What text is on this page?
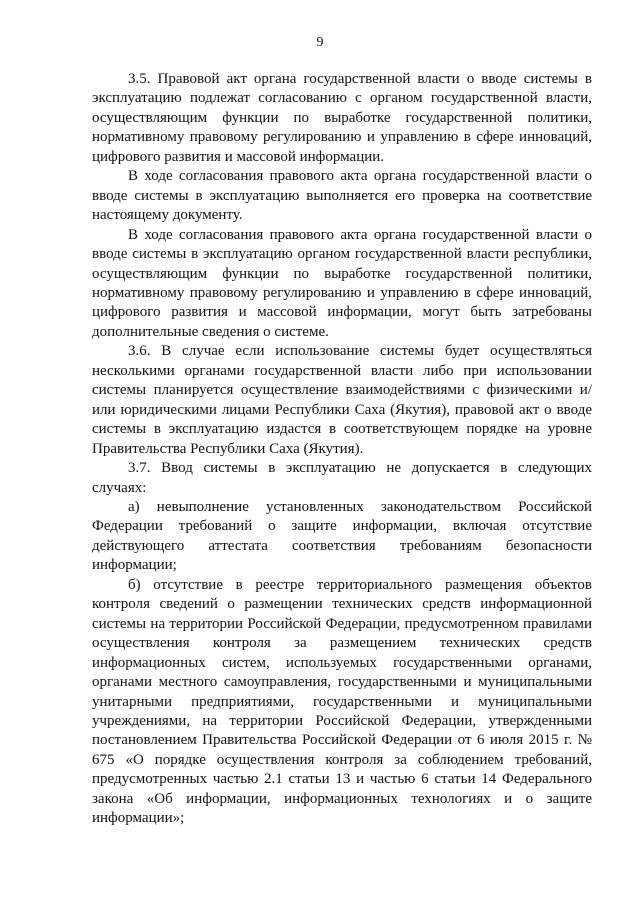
9

3.5. Правовой акт органа государственной власти о вводе системы в эксплуатацию подлежат согласованию с органом государственной власти, осуществляющим функции по выработке государственной политики, нормативному правовому регулированию и управлению в сфере инноваций, цифрового развития и массовой информации.

В ходе согласования правового акта органа государственной власти о вводе системы в эксплуатацию выполняется его проверка на соответствие настоящему документу.

В ходе согласования правового акта органа государственной власти о вводе системы в эксплуатацию органом государственной власти республики, осуществляющим функции по выработке государственной политики, нормативному правовому регулированию и управлению в сфере инноваций, цифрового развития и массовой информации, могут быть затребованы дополнительные сведения о системе.

3.6. В случае если использование системы будет осуществляться несколькими органами государственной власти либо при использовании системы планируется осуществление взаимодействиями с физическими и/или юридическими лицами Республики Саха (Якутия), правовой акт о вводе системы в эксплуатацию издастся в соответствующем порядке на уровне Правительства Республики Саха (Якутия).

3.7. Ввод системы в эксплуатацию не допускается в следующих случаях:

а) невыполнение установленных законодательством Российской Федерации требований о защите информации, включая отсутствие действующего аттестата соответствия требованиям безопасности информации;

б) отсутствие в реестре территориального размещения объектов контроля сведений о размещении технических средств информационной системы на территории Российской Федерации, предусмотренном правилами осуществления контроля за размещением технических средств информационных систем, используемых государственными органами, органами местного самоуправления, государственными и муниципальными унитарными предприятиями, государственными и муниципальными учреждениями, на территории Российской Федерации, утвержденными постановлением Правительства Российской Федерации от 6 июля 2015 г. № 675 «О порядке осуществления контроля за соблюдением требований, предусмотренных частью 2.1 статьи 13 и частью 6 статьи 14 Федерального закона «Об информации, информационных технологиях и о защите информации»;
